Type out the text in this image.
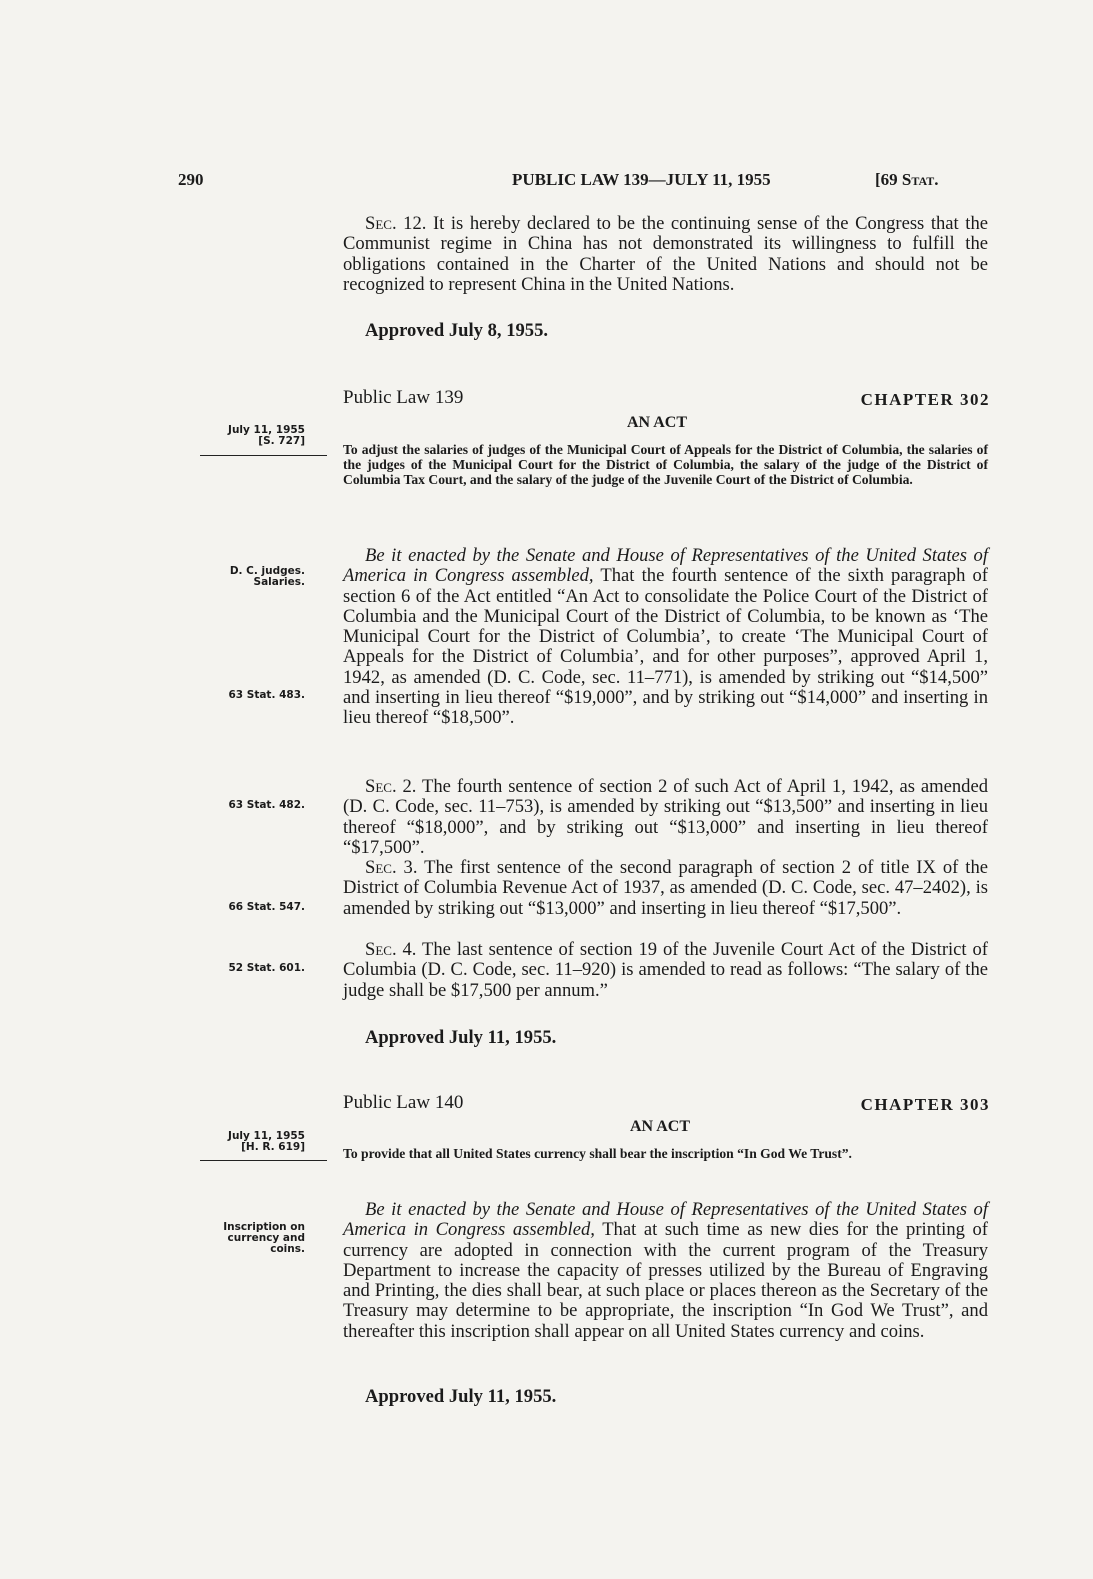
290	PUBLIC LAW 139—JULY 11, 1955	[69 Stat.
Sec. 12. It is hereby declared to be the continuing sense of the Congress that the Communist regime in China has not demonstrated its willingness to fulfill the obligations contained in the Charter of the United Nations and should not be recognized to represent China in the United Nations.
Approved July 8, 1955.
Public Law 139	CHAPTER 302
AN ACT
July 11, 1955
[S. 727]
To adjust the salaries of judges of the Municipal Court of Appeals for the District of Columbia, the salaries of the judges of the Municipal Court for the District of Columbia, the salary of the judge of the District of Columbia Tax Court, and the salary of the judge of the Juvenile Court of the District of Columbia.
D. C. judges.
Salaries.
Be it enacted by the Senate and House of Representatives of the United States of America in Congress assembled, That the fourth sentence of the sixth paragraph of section 6 of the Act entitled “An Act to consolidate the Police Court of the District of Columbia and the Municipal Court of the District of Columbia, to be known as ‘The Municipal Court for the District of Columbia’, to create ‘The Municipal Court of Appeals for the District of Columbia’, and for other purposes”, approved April 1, 1942, as amended (D. C. Code, sec. 11–771), is amended by striking out “$14,500” and inserting in lieu thereof “$19,000”, and by striking out “$14,000” and inserting in lieu thereof “$18,500”.
63 Stat. 483.
Sec. 2. The fourth sentence of section 2 of such Act of April 1, 1942, as amended (D. C. Code, sec. 11–753), is amended by striking out “$13,500” and inserting in lieu thereof “$18,000”, and by striking out “$13,000” and inserting in lieu thereof “$17,500”.
63 Stat. 482.
Sec. 3. The first sentence of the second paragraph of section 2 of title IX of the District of Columbia Revenue Act of 1937, as amended (D. C. Code, sec. 47–2402), is amended by striking out “$13,000” and inserting in lieu thereof “$17,500”.
66 Stat. 547.
Sec. 4. The last sentence of section 19 of the Juvenile Court Act of the District of Columbia (D. C. Code, sec. 11–920) is amended to read as follows: “The salary of the judge shall be $17,500 per annum.”
52 Stat. 601.
Approved July 11, 1955.
Public Law 140	CHAPTER 303
AN ACT
July 11, 1955
[H. R. 619]	To provide that all United States currency shall bear the inscription “In God We Trust”.
Inscription on
currency and coins.
Be it enacted by the Senate and House of Representatives of the United States of America in Congress assembled, That at such time as new dies for the printing of currency are adopted in connection with the current program of the Treasury Department to increase the capacity of presses utilized by the Bureau of Engraving and Printing, the dies shall bear, at such place or places thereon as the Secretary of the Treasury may determine to be appropriate, the inscription “In God We Trust”, and thereafter this inscription shall appear on all United States currency and coins.
Approved July 11, 1955.
